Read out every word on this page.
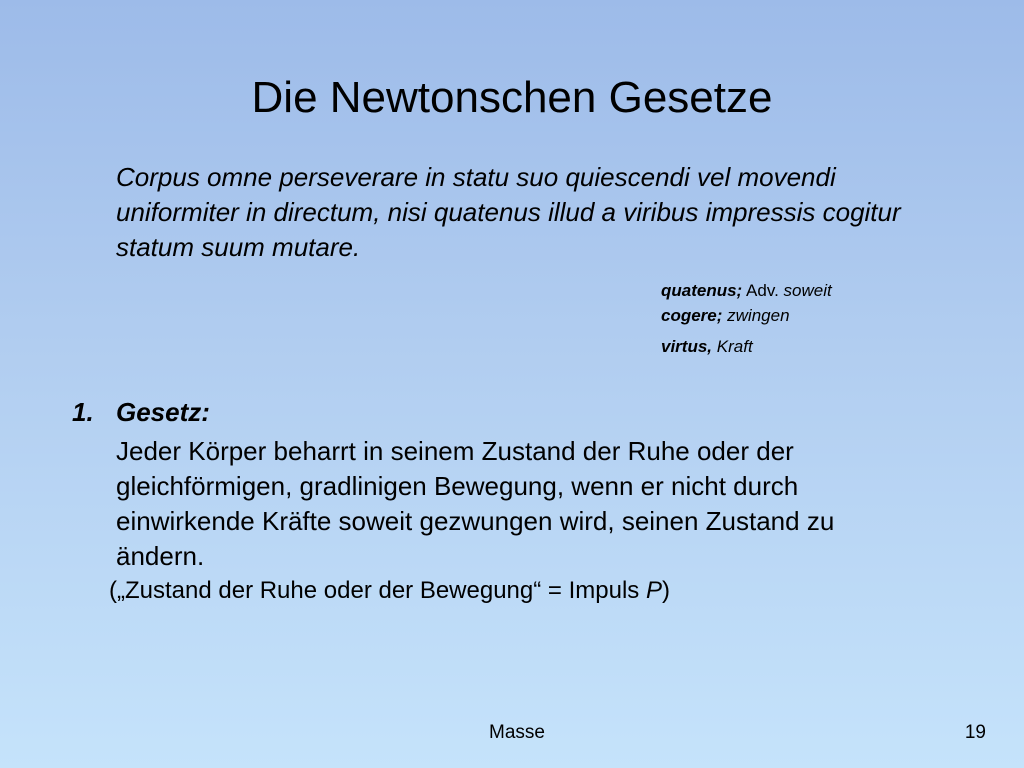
Die Newtonschen Gesetze
Corpus omne perseverare in statu suo quiescendi vel movendi uniformiter in directum, nisi quatenus illud a viribus impressis cogitur statum suum mutare.
quatenus; Adv. soweit
cogere; zwingen
virtus, Kraft
1. Gesetz:
Jeder Körper beharrt in seinem Zustand der Ruhe oder der gleichförmigen, gradlinigen Bewegung, wenn er nicht durch einwirkende Kräfte soweit gezwungen wird, seinen Zustand zu ändern.
(„Zustand der Ruhe oder der Bewegung“ = Impuls P)
Masse	19
